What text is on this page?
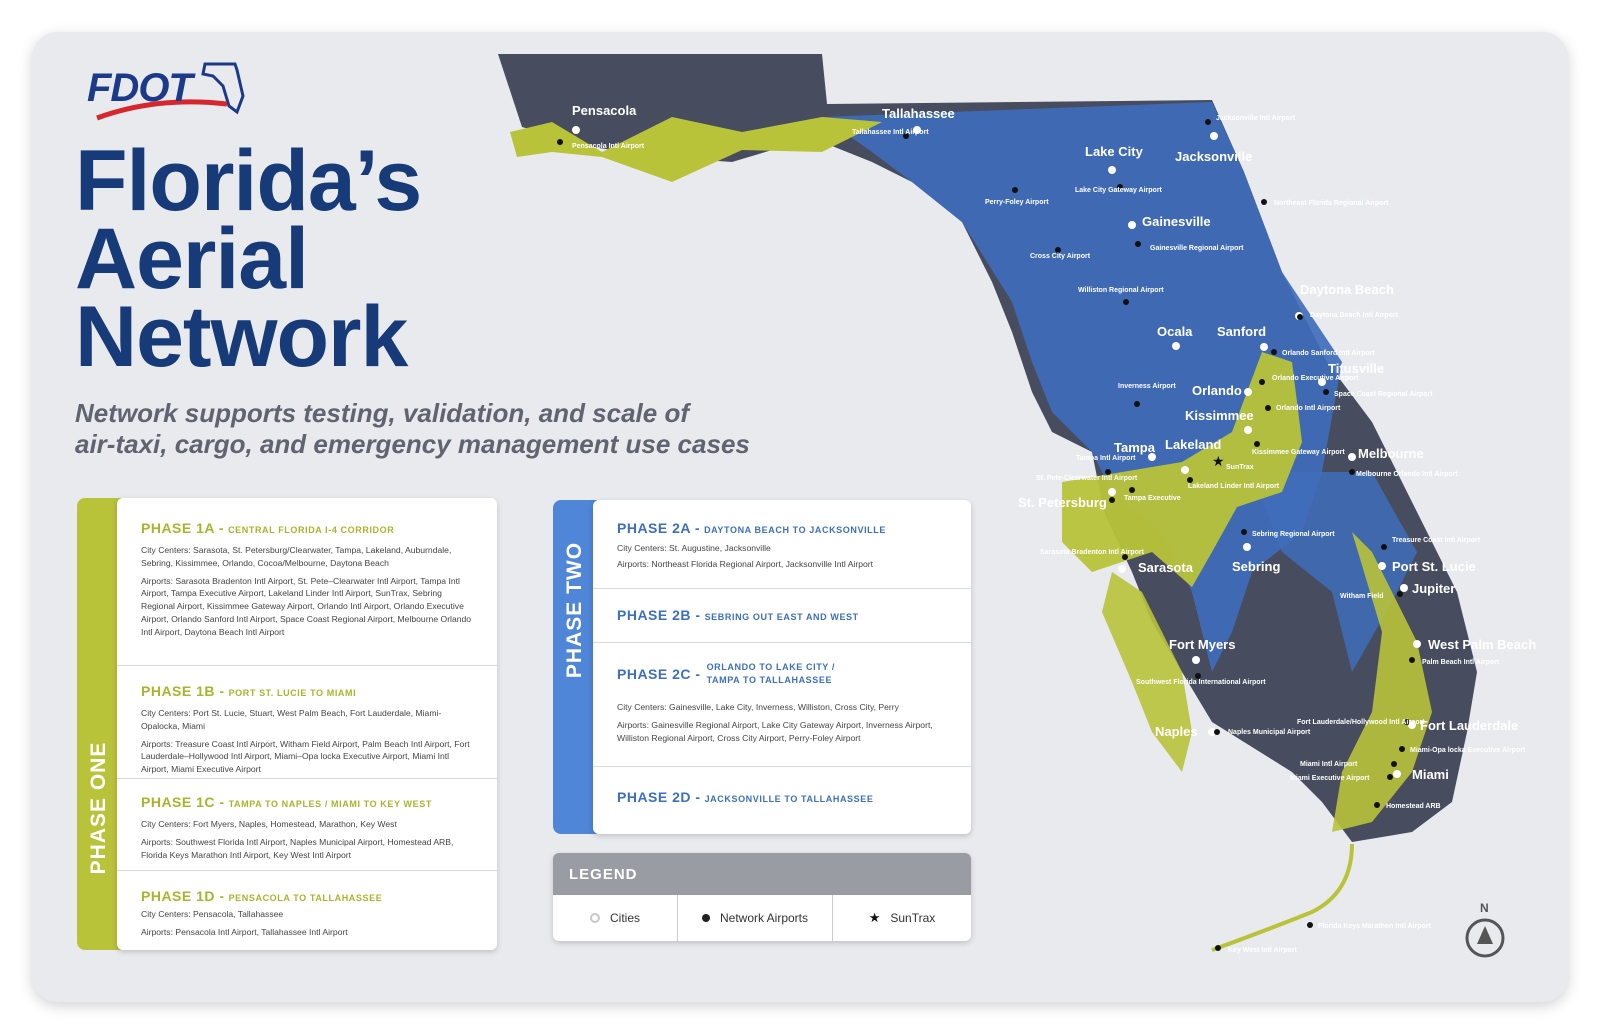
FDOT
Florida’s
Aerial
Network
Network supports testing, validation, and scale of
air-taxi, cargo, and emergency management use cases
PHASE ONE
PHASE 1A - CENTRAL FLORIDA I-4 CORRIDOR
City Centers: Sarasota, St. Petersburg/Clearwater, Tampa, Lakeland, Auburndale, Sebring, Kissimmee, Orlando, Cocoa/Melbourne, Daytona Beach
Airports: Sarasota Bradenton Intl Airport, St. Pete–Clearwater Intl Airport, Tampa Intl Airport, Tampa Executive Airport, Lakeland Linder Intl Airport, SunTrax, Sebring Regional Airport, Kissimmee Gateway Airport, Orlando Intl Airport, Orlando Executive Airport, Orlando Sanford Intl Airport, Space Coast Regional Airport, Melbourne Orlando Intl Airport, Daytona Beach Intl Airport
PHASE 1B - PORT ST. LUCIE TO MIAMI
City Centers: Port St. Lucie, Stuart, West Palm Beach, Fort Lauderdale, Miami-Opalocka, Miami
Airports: Treasure Coast Intl Airport, Witham Field Airport, Palm Beach Intl Airport, Fort Lauderdale–Hollywood Intl Airport, Miami–Opa locka Executive Airport, Miami Intl Airport, Miami Executive Airport
PHASE 1C - TAMPA TO NAPLES / MIAMI TO KEY WEST
City Centers: Fort Myers, Naples, Homestead, Marathon, Key West
Airports: Southwest Florida Intl Airport, Naples Municipal Airport, Homestead ARB, Florida Keys Marathon Intl Airport, Key West Intl Airport
PHASE 1D - PENSACOLA TO TALLAHASSEE
City Centers: Pensacola, Tallahassee
Airports: Pensacola Intl Airport, Tallahassee Intl Airport
PHASE TWO
PHASE 2A - DAYTONA BEACH TO JACKSONVILLE
City Centers: St. Augustine, Jacksonville
Airports: Northeast Florida Regional Airport, Jacksonville Intl Airport
PHASE 2B - SEBRING OUT EAST AND WEST
PHASE 2C - ORLANDO TO LAKE CITY /
TAMPA TO TALLAHASSEE
City Centers: Gainesville, Lake City, Inverness, Williston, Cross City, Perry
Airports: Gainesville Regional Airport, Lake City Gateway Airport, Inverness Airport, Williston Regional Airport, Cross City Airport, Perry-Foley Airport
PHASE 2D - JACKSONVILLE TO TALLAHASSEE
LEGEND
Cities	Network Airports	★ SunTrax
★
Pensacola	Tallahassee
Lake City Jacksonville
Gainesville
Daytona Beach
Ocala Sanford
Titusville
Orlando
Kissimmee
Tampa Lakeland
Melbourne
St. Petersburg
Sarasota	Sebring	Port St. Lucie
Jupiter
Fort Myers	West Palm Beach
Naples	Fort Lauderdale
Miami
Pensacola Intl Airport
Tallahassee Intl Airport
Jacksonville Intl Airport
Perry-Foley Airport
Lake City Gateway Airport
Northeast Florida Regional Airport
Cross City Airport
Gainesville Regional Airport
Williston Regional Airport
Daytona Beach Intl Airport
Orlando Sanford Intl Airport
Orlando Executive Airport
Space Coast Regional Airport
Inverness Airport
Orlando Intl Airport
Tampa Intl Airport
Kissimmee Gateway Airport
SunTrax
St. Pete-Clearwater Intl Airport
Melbourne Orlando Intl Airport
Lakeland Linder Intl Airport
Tampa Executive
Sebring Regional Airport
Sarasota Bradenton Intl Airport
Treasure Coast Intl Airport
Witham Field
Palm Beach Intl Airport
Southwest Florida International Airport
Fort Lauderdale/Hollywood Intl Airport
Naples Municipal Airport
Miami-Opa locka Executive Airport
Miami Intl Airport
Miami Executive Airport
Homestead ARB
Florida Keys Marathon Intl Airport
Key West Intl Airport
N
